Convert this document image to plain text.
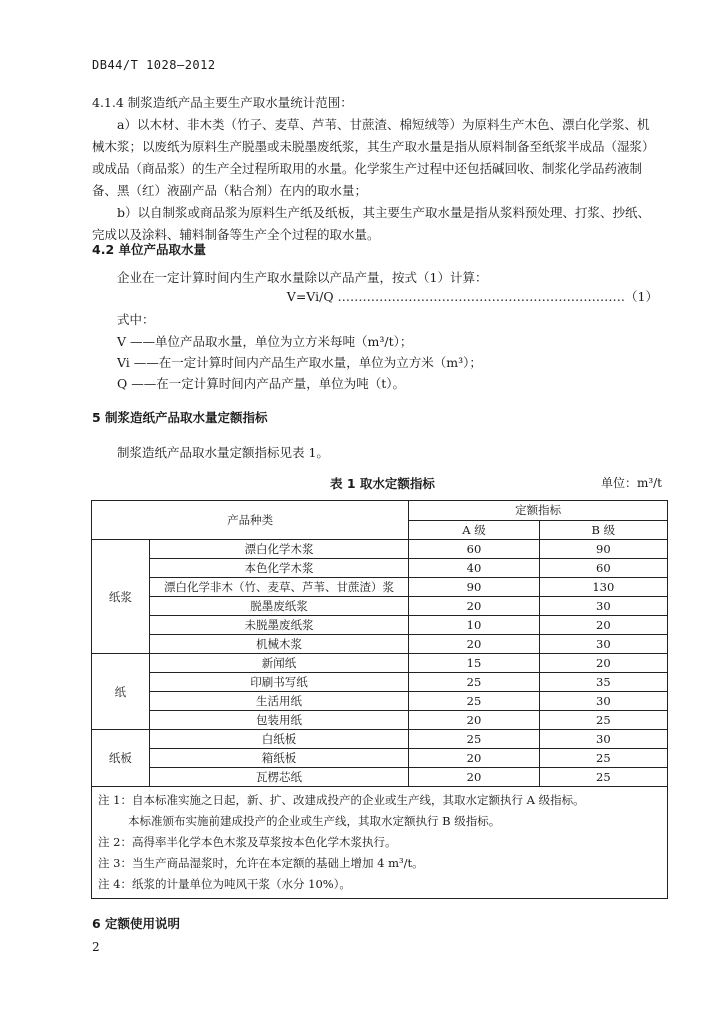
DB44/T 1028—2012
4.1.4 制浆造纸产品主要生产取水量统计范围：
a）以木材、非木类（竹子、麦草、芦苇、甘蔗渣、棉短绒等）为原料生产木色、漂白化学浆、机
械木浆；以废纸为原料生产脱墨或未脱墨废纸浆，其生产取水量是指从原料制备至纸浆半成品（湿浆）
或成品（商品浆）的生产全过程所取用的水量。化学浆生产过程中还包括碱回收、制浆化学品药液制
备、黑（红）液副产品（粘合剂）在内的取水量；
b）以自制浆或商品浆为原料生产纸及纸板，其主要生产取水量是指从浆料预处理、打浆、抄纸、
完成以及涂料、辅料制备等生产全个过程的取水量。
4.2 单位产品取水量
企业在一定计算时间内生产取水量除以产品产量，按式（1）计算：
V=Vi/Q ……………………………………………………………（1）
式中：
V ——单位产品取水量，单位为立方米每吨（m³/t）；
Vi ——在一定计算时间内产品生产取水量，单位为立方米（m³）；
Q ——在一定计算时间内产品产量，单位为吨（t）。
5 制浆造纸产品取水量定额指标
制浆造纸产品取水量定额指标见表 1。
表 1 取水定额指标	单位：m³/t
产品种类		定额指标	
		A 级	B 级
纸浆	漂白化学木浆	60	90
	本色化学木浆	40	60
	漂白化学非木（竹、麦草、芦苇、甘蔗渣）浆	90	130
	脱墨废纸浆	20	30
	未脱墨废纸浆	10	20
	机械木浆	20	30
纸	新闻纸	15	20
	印刷书写纸	25	35
	生活用纸	25	30
	包装用纸	20	25
纸板	白纸板	25	30
	箱纸板	20	25
	瓦楞芯纸	20	25

注 1：自本标准实施之日起，新、扩、改建成投产的企业或生产线，其取水定额执行 A 级指标。
本标准颁布实施前建成投产的企业或生产线，其取水定额执行 B 级指标。
注 2：高得率半化学本色木浆及草浆按本色化学木浆执行。
注 3：当生产商品湿浆时，允许在本定额的基础上增加 4 m³/t。
注 4：纸浆的计量单位为吨风干浆（水分 10%）。			
2
6 定额使用说明
